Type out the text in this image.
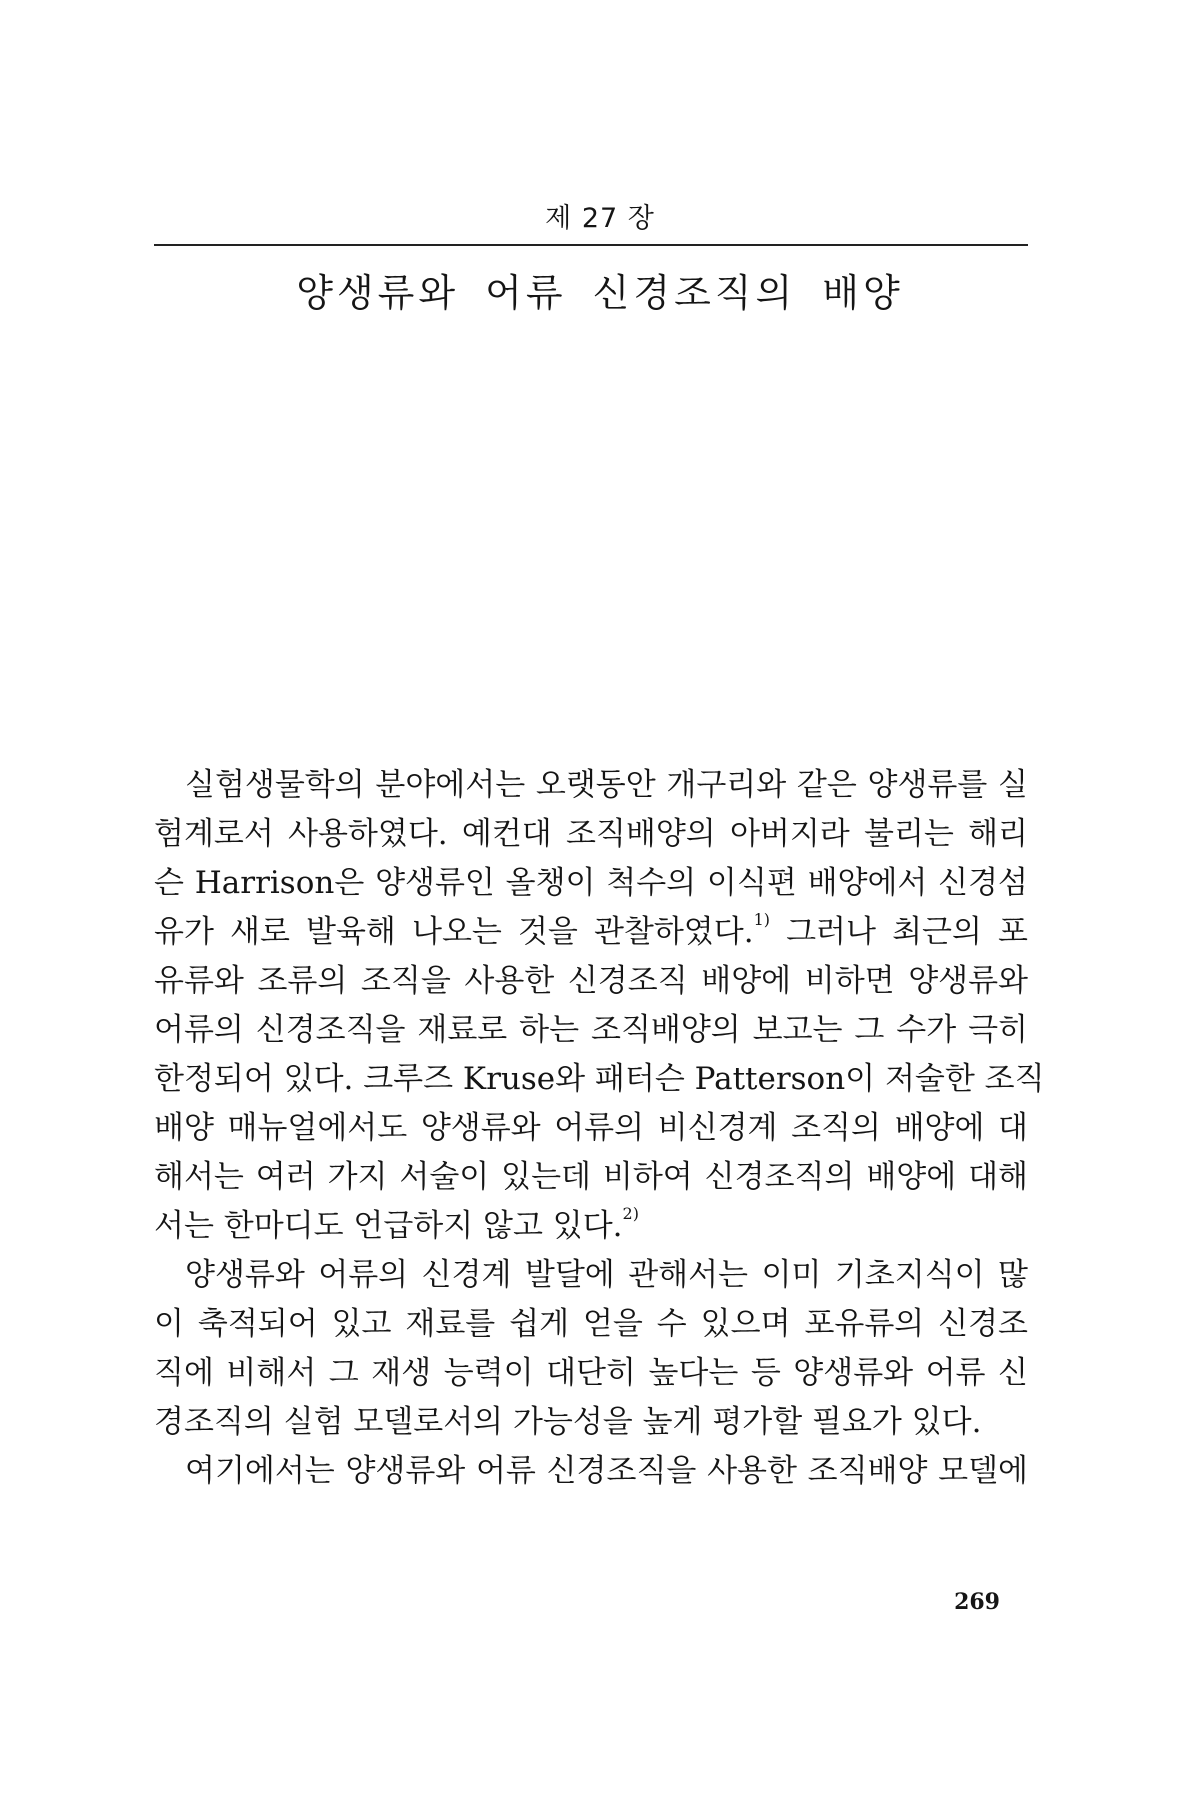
제 27 장
양생류와 어류 신경조직의 배양
실험생물학의 분야에서는 오랫동안 개구리와 같은 양생류를 실
험계로서 사용하였다. 예컨대 조직배양의 아버지라 불리는 해리
슨 Harrison은 양생류인 올챙이 척수의 이식편 배양에서 신경섬
유가 새로 발육해 나오는 것을 관찰하였다.$^{1)}$ 그러나 최근의 포
유류와 조류의 조직을 사용한 신경조직 배양에 비하면 양생류와
어류의 신경조직을 재료로 하는 조직배양의 보고는 그 수가 극히
한정되어 있다. 크루즈 Kruse와 패터슨 Patterson이 저술한 조직
배양 매뉴얼에서도 양생류와 어류의 비신경계 조직의 배양에 대
해서는 여러 가지 서술이 있는데 비하여 신경조직의 배양에 대해
서는 한마디도 언급하지 않고 있다.$^{2)}$
양생류와 어류의 신경계 발달에 관해서는 이미 기초지식이 많
이 축적되어 있고 재료를 쉽게 얻을 수 있으며 포유류의 신경조
직에 비해서 그 재생 능력이 대단히 높다는 등 양생류와 어류 신
경조직의 실험 모델로서의 가능성을 높게 평가할 필요가 있다.
여기에서는 양생류와 어류 신경조직을 사용한 조직배양 모델에
269
